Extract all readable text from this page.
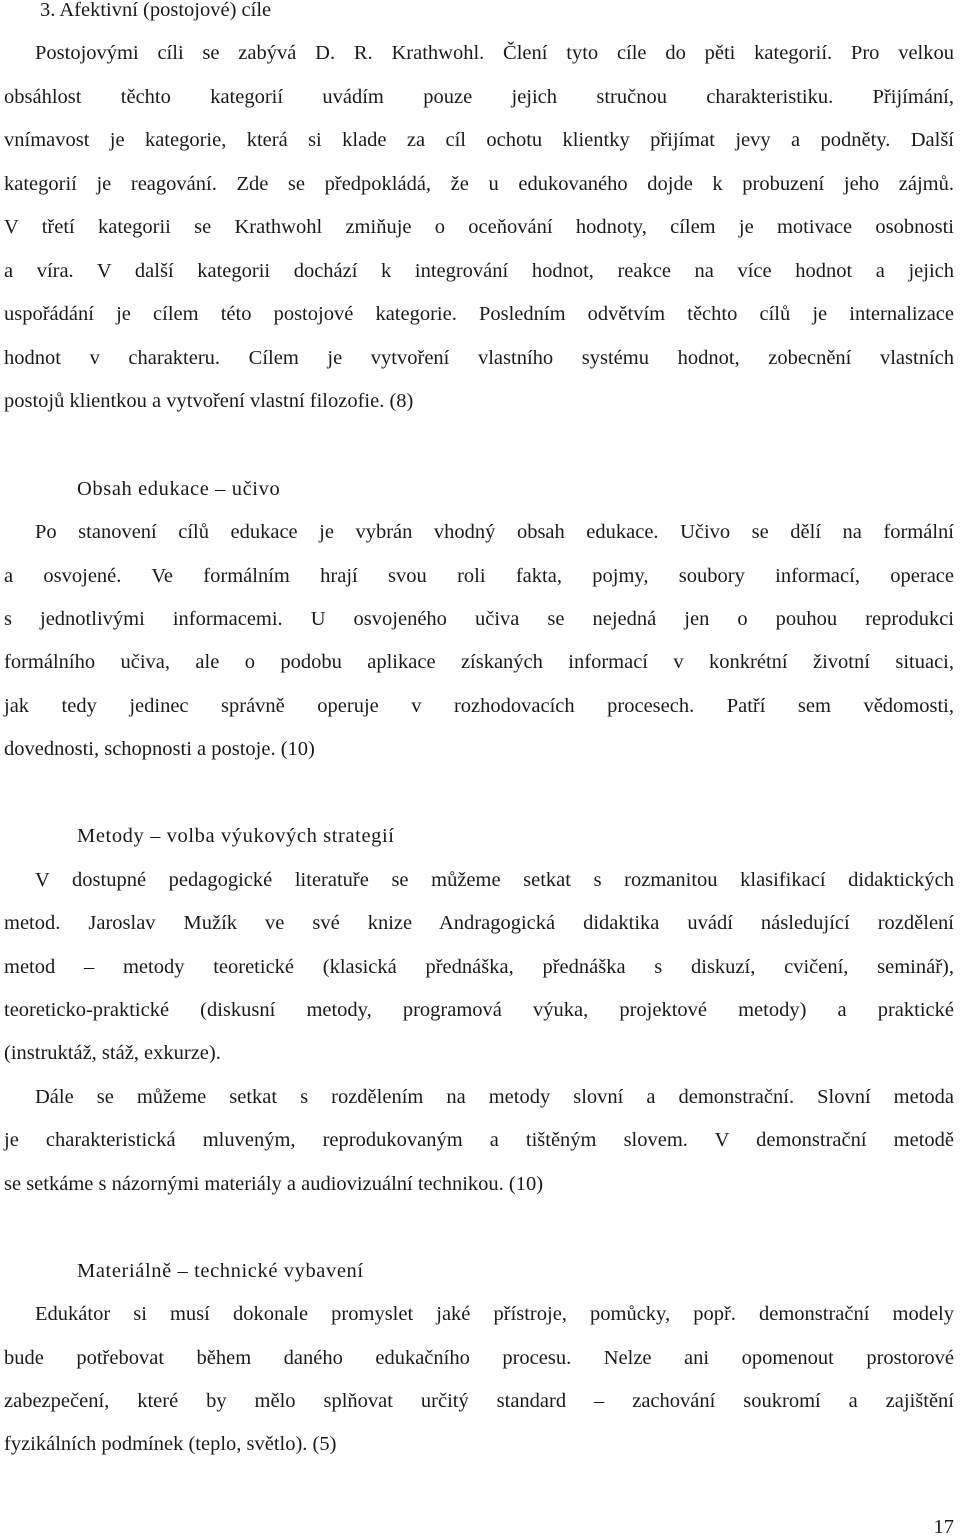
3. Afektivní (postojové) cíle
Postojovými cíli se zabývá D. R. Krathwohl. Člení tyto cíle do pěti kategorií. Pro velkou
obsáhlost těchto kategorií uvádím pouze jejich stručnou charakteristiku. Přijímání,
vnímavost je kategorie, která si klade za cíl ochotu klientky přijímat jevy a podněty. Další
kategorií je reagování. Zde se předpokládá, že u edukovaného dojde k probuzení jeho zájmů.
V třetí kategorii se Krathwohl zmiňuje o oceňování hodnoty, cílem je motivace osobnosti
a víra. V další kategorii dochází k integrování hodnot, reakce na více hodnot a jejich
uspořádání je cílem této postojové kategorie. Posledním odvětvím těchto cílů je internalizace
hodnot v charakteru. Cílem je vytvoření vlastního systému hodnot, zobecnění vlastních
postojů klientkou a vytvoření vlastní filozofie. (8)
Obsah edukace – učivo
Po stanovení cílů edukace je vybrán vhodný obsah edukace. Učivo se dělí na formální
a osvojené. Ve formálním hrají svou roli fakta, pojmy, soubory informací, operace
s jednotlivými informacemi. U osvojeného učiva se nejedná jen o pouhou reprodukci
formálního učiva, ale o podobu aplikace získaných informací v konkrétní životní situaci,
jak tedy jedinec správně operuje v rozhodovacích procesech. Patří sem vědomosti,
dovednosti, schopnosti a postoje. (10)
Metody – volba výukových strategií
V dostupné pedagogické literatuře se můžeme setkat s rozmanitou klasifikací didaktických
metod. Jaroslav Mužík ve své knize Andragogická didaktika uvádí následující rozdělení
metod – metody teoretické (klasická přednáška, přednáška s diskuzí, cvičení, seminář),
teoreticko-praktické (diskusní metody, programová výuka, projektové metody) a praktické
(instruktáž, stáž, exkurze).
Dále se můžeme setkat s rozdělením na metody slovní a demonstrační. Slovní metoda
je charakteristická mluveným, reprodukovaným a tištěným slovem. V demonstrační metodě
se setkáme s názornými materiály a audiovizuální technikou. (10)
Materiálně – technické vybavení
Edukátor si musí dokonale promyslet jaké přístroje, pomůcky, popř. demonstrační modely
bude potřebovat během daného edukačního procesu. Nelze ani opomenout prostorové
zabezpečení, které by mělo splňovat určitý standard – zachování soukromí a zajištění
fyzikálních podmínek (teplo, světlo). (5)
17
